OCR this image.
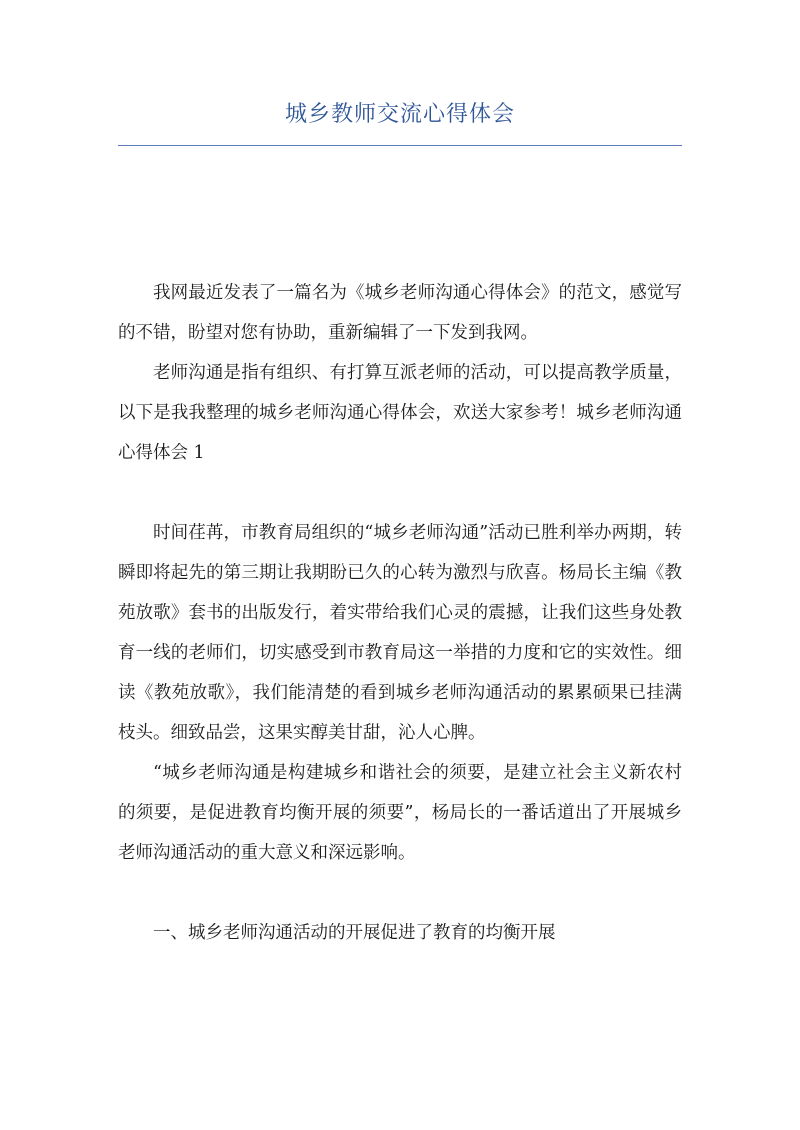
城乡教师交流心得体会

我网最近发表了一篇名为《城乡老师沟通心得体会》的范文，感觉写的不错，盼望对您有协助，重新编辑了一下发到我网。

老师沟通是指有组织、有打算互派老师的活动，可以提高教学质量，以下是我我整理的城乡老师沟通心得体会，欢送大家参考！城乡老师沟通心得体会 1

时间荏苒，市教育局组织的“城乡老师沟通”活动已胜利举办两期，转瞬即将起先的第三期让我期盼已久的心转为激烈与欣喜。杨局长主编《教苑放歌》套书的出版发行，着实带给我们心灵的震撼，让我们这些身处教育一线的老师们，切实感受到市教育局这一举措的力度和它的实效性。细读《教苑放歌》，我们能清楚的看到城乡老师沟通活动的累累硕果已挂满枝头。细致品尝，这果实醇美甘甜，沁人心脾。

“城乡老师沟通是构建城乡和谐社会的须要，是建立社会主义新农村的须要，是促进教育均衡开展的须要”，杨局长的一番话道出了开展城乡老师沟通活动的重大意义和深远影响。

一、城乡老师沟通活动的开展促进了教育的均衡开展
